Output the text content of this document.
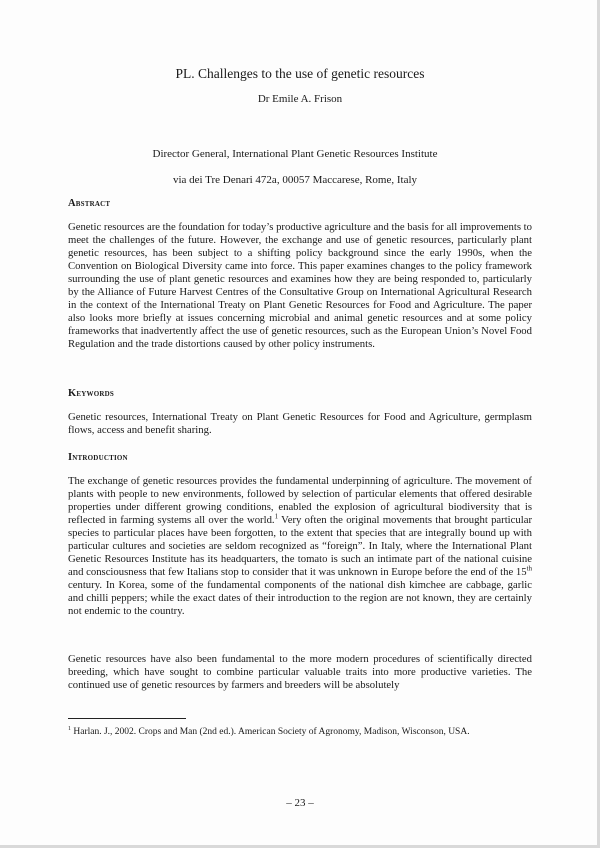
PL. Challenges to the use of genetic resources
Dr Emile A. Frison
Director General, International Plant Genetic Resources Institute
via dei Tre Denari 472a, 00057 Maccarese, Rome, Italy
Abstract

Genetic resources are the foundation for today’s productive agriculture and the basis for all improvements to meet the challenges of the future. However, the exchange and use of genetic resources, particularly plant genetic resources, has been subject to a shifting policy background since the early 1990s, when the Convention on Biological Diversity came into force. This paper examines changes to the policy framework surrounding the use of plant genetic resources and examines how they are being responded to, particularly by the Alliance of Future Harvest Centres of the Consultative Group on International Agricultural Research in the context of the International Treaty on Plant Genetic Resources for Food and Agriculture. The paper also looks more briefly at issues concerning microbial and animal genetic resources and at some policy frameworks that inadvertently affect the use of genetic resources, such as the European Union’s Novel Food Regulation and the trade distortions caused by other policy instruments.

Keywords

Genetic resources, International Treaty on Plant Genetic Resources for Food and Agriculture, germplasm flows, access and benefit sharing.

Introduction

The exchange of genetic resources provides the fundamental underpinning of agriculture. The movement of plants with people to new environments, followed by selection of particular elements that offered desirable properties under different growing conditions, enabled the explosion of agricultural biodiversity that is reflected in farming systems all over the world.$^1$ Very often the original movements that brought particular species to particular places have been forgotten, to the extent that species that are integrally bound up with particular cultures and societies are seldom recognized as “foreign”. In Italy, where the International Plant Genetic Resources Institute has its headquarters, the tomato is such an intimate part of the national cuisine and consciousness that few Italians stop to consider that it was unknown in Europe before the end of the 15th century. In Korea, some of the fundamental components of the national dish kimchee are cabbage, garlic and chilli peppers; while the exact dates of their introduction to the region are not known, they are certainly not endemic to the country.

Genetic resources have also been fundamental to the more modern procedures of scientifically directed breeding, which have sought to combine particular valuable traits into more productive varieties. The continued use of genetic resources by farmers and breeders will be absolutely

$^1$ Harlan. J., 2002. Crops and Man (2nd ed.). American Society of Agronomy, Madison, Wisconson, USA.
– 23 –
